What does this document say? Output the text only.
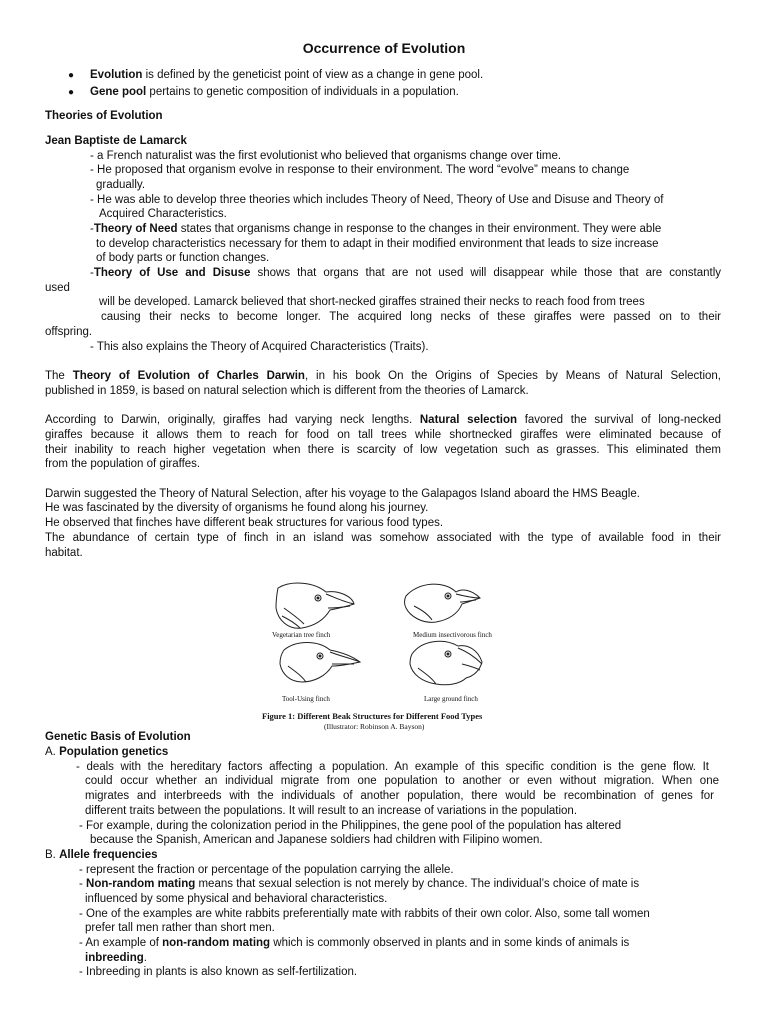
Occurrence of Evolution
● Evolution is defined by the geneticist point of view as a change in gene pool.
● Gene pool pertains to genetic composition of individuals in a population.
Theories of Evolution
Jean Baptiste de Lamarck
- a French naturalist was the first evolutionist who believed that organisms change over time.
- He proposed that organism evolve in response to their environment. The word “evolve” means to change
gradually.
- He was able to develop three theories which includes Theory of Need, Theory of Use and Disuse and Theory of
Acquired Characteristics.
-Theory of Need states that organisms change in response to the changes in their environment. They were able
to develop characteristics necessary for them to adapt in their modified environment that leads to size increase
of body parts or function changes.
-Theory of Use and Disuse shows that organs that are not used will disappear while those that are constantly
used
will be developed. Lamarck believed that short-necked giraffes strained their necks to reach food from trees
causing their necks to become longer. The acquired long necks of these giraffes were passed on to their
offspring.
- This also explains the Theory of Acquired Characteristics (Traits).
The Theory of Evolution of Charles Darwin, in his book On the Origins of Species by Means of Natural Selection,
published in 1859, is based on natural selection which is different from the theories of Lamarck.
According to Darwin, originally, giraffes had varying neck lengths. Natural selection favored the survival of long-necked
giraffes because it allows them to reach for food on tall trees while shortnecked giraffes were eliminated because of
their inability to reach higher vegetation when there is scarcity of low vegetation such as grasses. This eliminated them
from the population of giraffes.
Darwin suggested the Theory of Natural Selection, after his voyage to the Galapagos Island aboard the HMS Beagle.
He was fascinated by the diversity of organisms he found along his journey.
He observed that finches have different beak structures for various food types.
The abundance of certain type of finch in an island was somehow associated with the type of available food in their
habitat.
Vegetarian tree finch	Medium insectivorous finch
Tool-Using finch	Large ground finch
Figure 1: Different Beak Structures for Different Food Types
(Illustrator: Robinson A. Bayson)
Genetic Basis of Evolution
A. Population genetics
- deals with the hereditary factors affecting a population. An example of this specific condition is the gene flow. It
could occur whether an individual migrate from one population to another or even without migration. When one
migrates and interbreeds with the individuals of another population, there would be recombination of genes for
different traits between the populations. It will result to an increase of variations in the population.
- For example, during the colonization period in the Philippines, the gene pool of the population has altered
because the Spanish, American and Japanese soldiers had children with Filipino women.
B. Allele frequencies
- represent the fraction or percentage of the population carrying the allele.
- Non-random mating means that sexual selection is not merely by chance. The individual’s choice of mate is
influenced by some physical and behavioral characteristics.
- One of the examples are white rabbits preferentially mate with rabbits of their own color. Also, some tall women
prefer tall men rather than short men.
- An example of non-random mating which is commonly observed in plants and in some kinds of animals is
inbreeding.
- Inbreeding in plants is also known as self-fertilization.
